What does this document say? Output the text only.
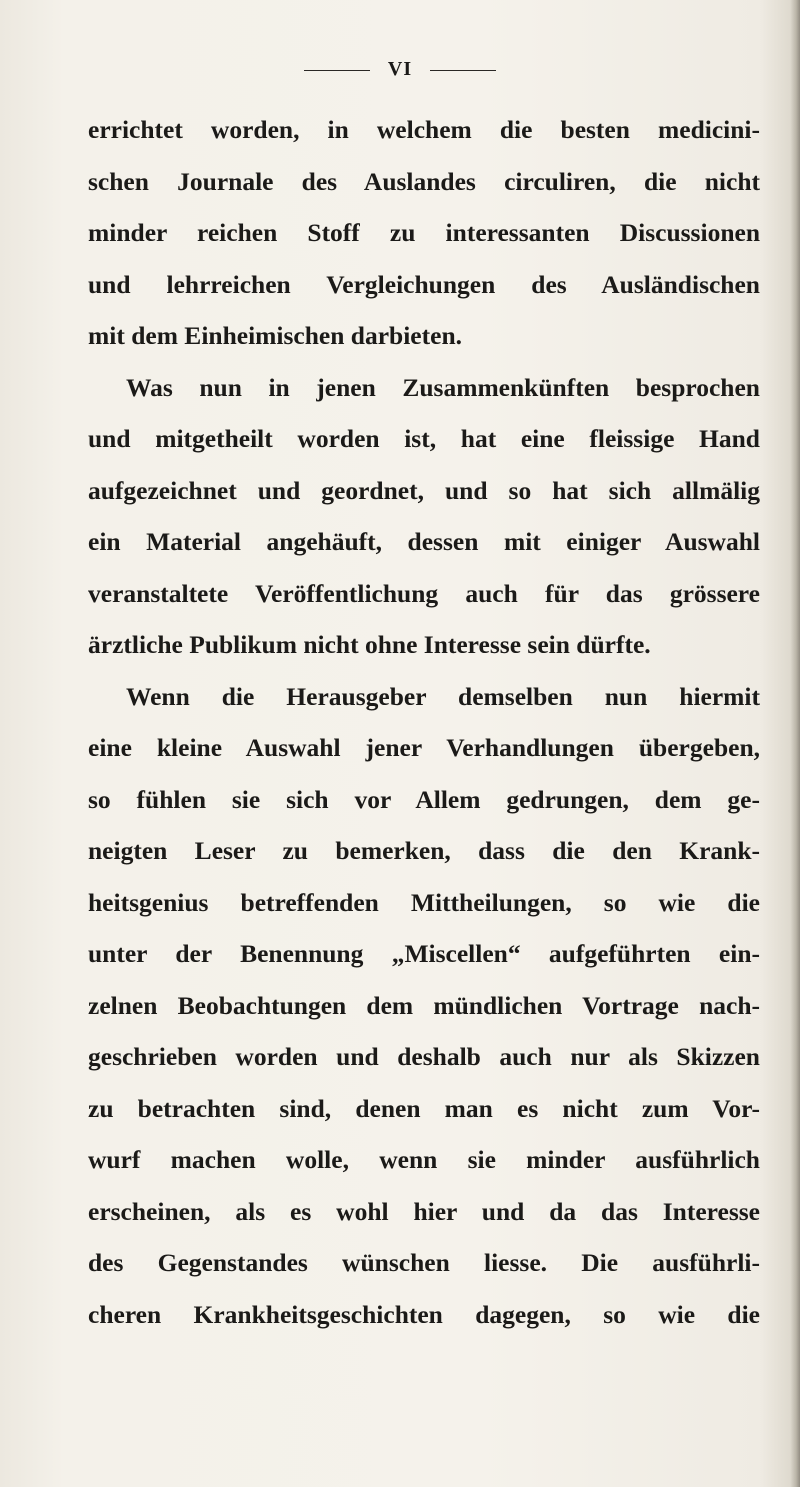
VI
errichtet worden, in welchem die besten medicini-
schen Journale des Auslandes circuliren, die nicht
minder reichen Stoff zu interessanten Discussionen
und lehrreichen Vergleichungen des Ausländischen
mit dem Einheimischen darbieten.
Was nun in jenen Zusammenkünften besprochen
und mitgetheilt worden ist, hat eine fleissige Hand
aufgezeichnet und geordnet, und so hat sich allmälig
ein Material angehäuft, dessen mit einiger Auswahl
veranstaltete Veröffentlichung auch für das grössere
ärztliche Publikum nicht ohne Interesse sein dürfte.
Wenn die Herausgeber demselben nun hiermit
eine kleine Auswahl jener Verhandlungen übergeben,
so fühlen sie sich vor Allem gedrungen, dem ge-
neigten Leser zu bemerken, dass die den Krank-
heitsgenius betreffenden Mittheilungen, so wie die
unter der Benennung „Miscellen“ aufgeführten ein-
zelnen Beobachtungen dem mündlichen Vortrage nach-
geschrieben worden und deshalb auch nur als Skizzen
zu betrachten sind, denen man es nicht zum Vor-
wurf machen wolle, wenn sie minder ausführlich
erscheinen, als es wohl hier und da das Interesse
des Gegenstandes wünschen liesse. Die ausführli-
cheren Krankheitsgeschichten dagegen, so wie die
